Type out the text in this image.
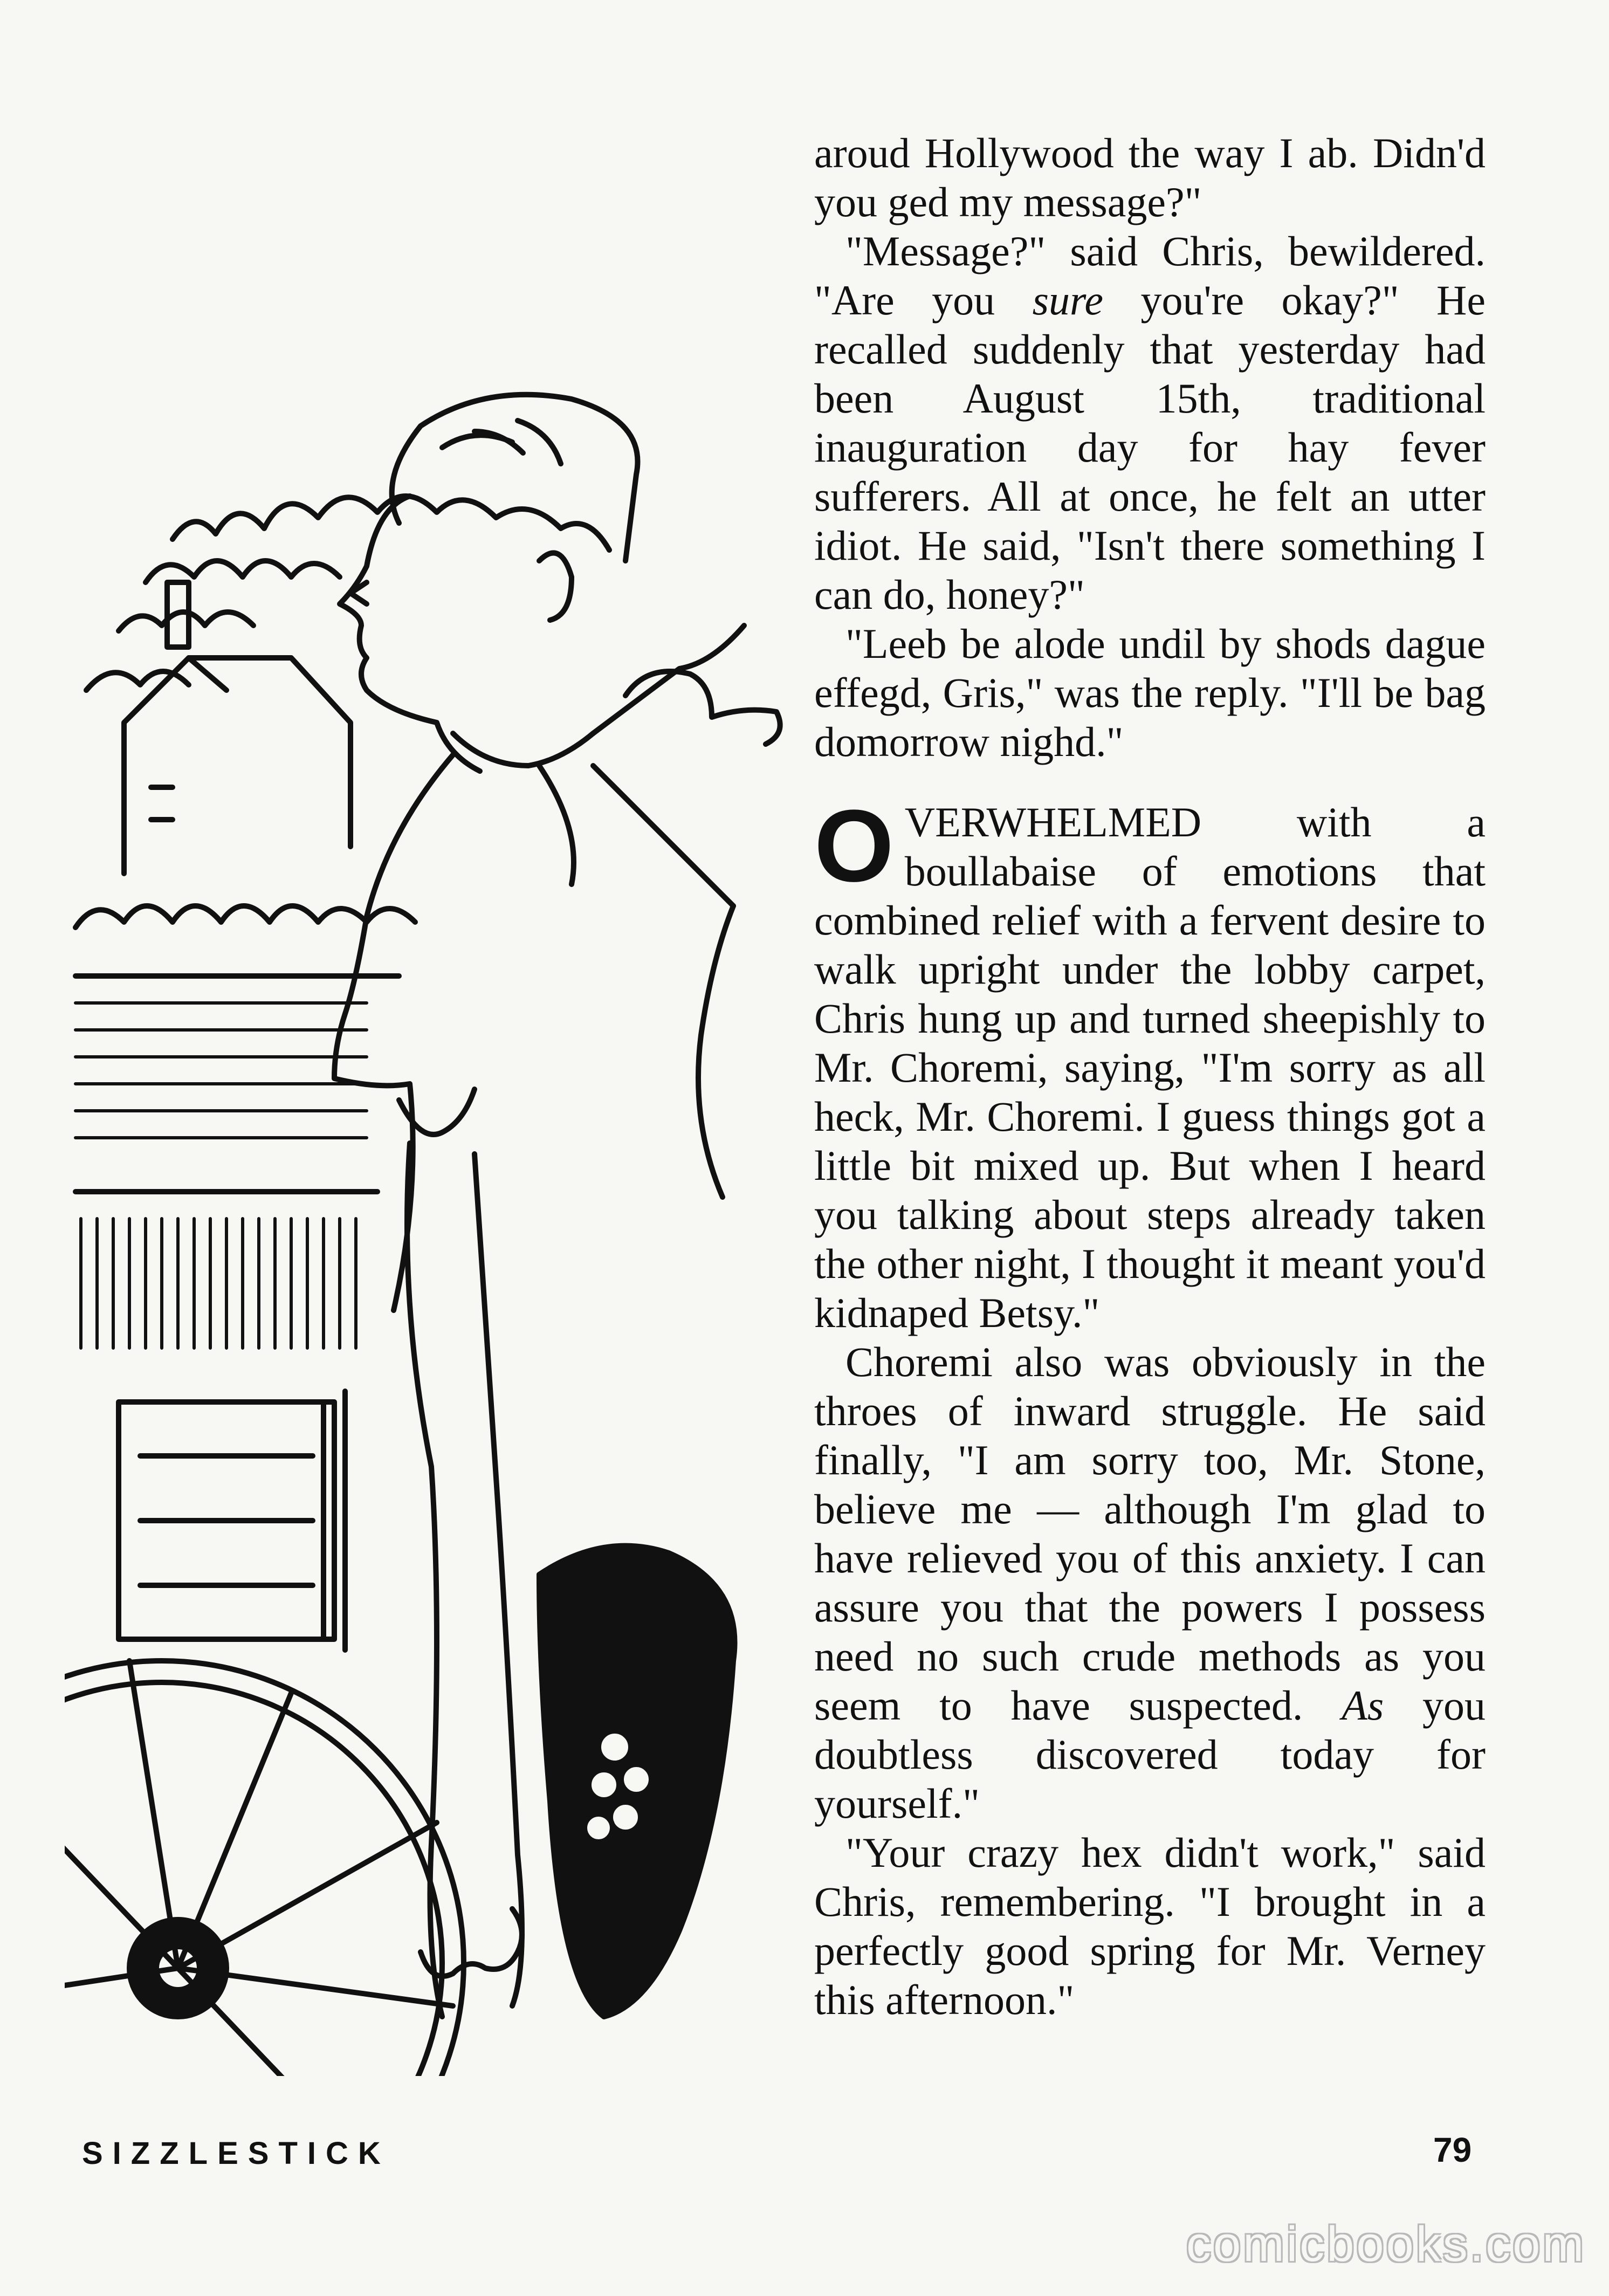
aroud Hollywood the way I ab. Didn'd you ged my message?"

"Message?" said Chris, bewildered. "Are you sure you're okay?" He recalled suddenly that yesterday had been August 15th, traditional inauguration day for hay fever sufferers. All at once, he felt an utter idiot. He said, "Isn't there something I can do, honey?"

"Leeb be alode undil by shods dague effegd, Gris," was the reply. "I'll be bag domorrow nighd."

OVERWHELMED with a boullabaise of emotions that combined relief with a fervent desire to walk upright under the lobby carpet, Chris hung up and turned sheepishly to Mr. Choremi, saying, "I'm sorry as all heck, Mr. Choremi. I guess things got a little bit mixed up. But when I heard you talking about steps already taken the other night, I thought it meant you'd kidnaped Betsy."

Choremi also was obviously in the throes of inward struggle. He said finally, "I am sorry too, Mr. Stone, believe me — although I'm glad to have relieved you of this anxiety. I can assure you that the powers I possess need no such crude methods as you seem to have suspected. As you doubtless discovered today for yourself."

"Your crazy hex didn't work," said Chris, remembering. "I brought in a perfectly good spring for Mr. Verney this afternoon."

SIZZLESTICK	79
comicbooks.com
